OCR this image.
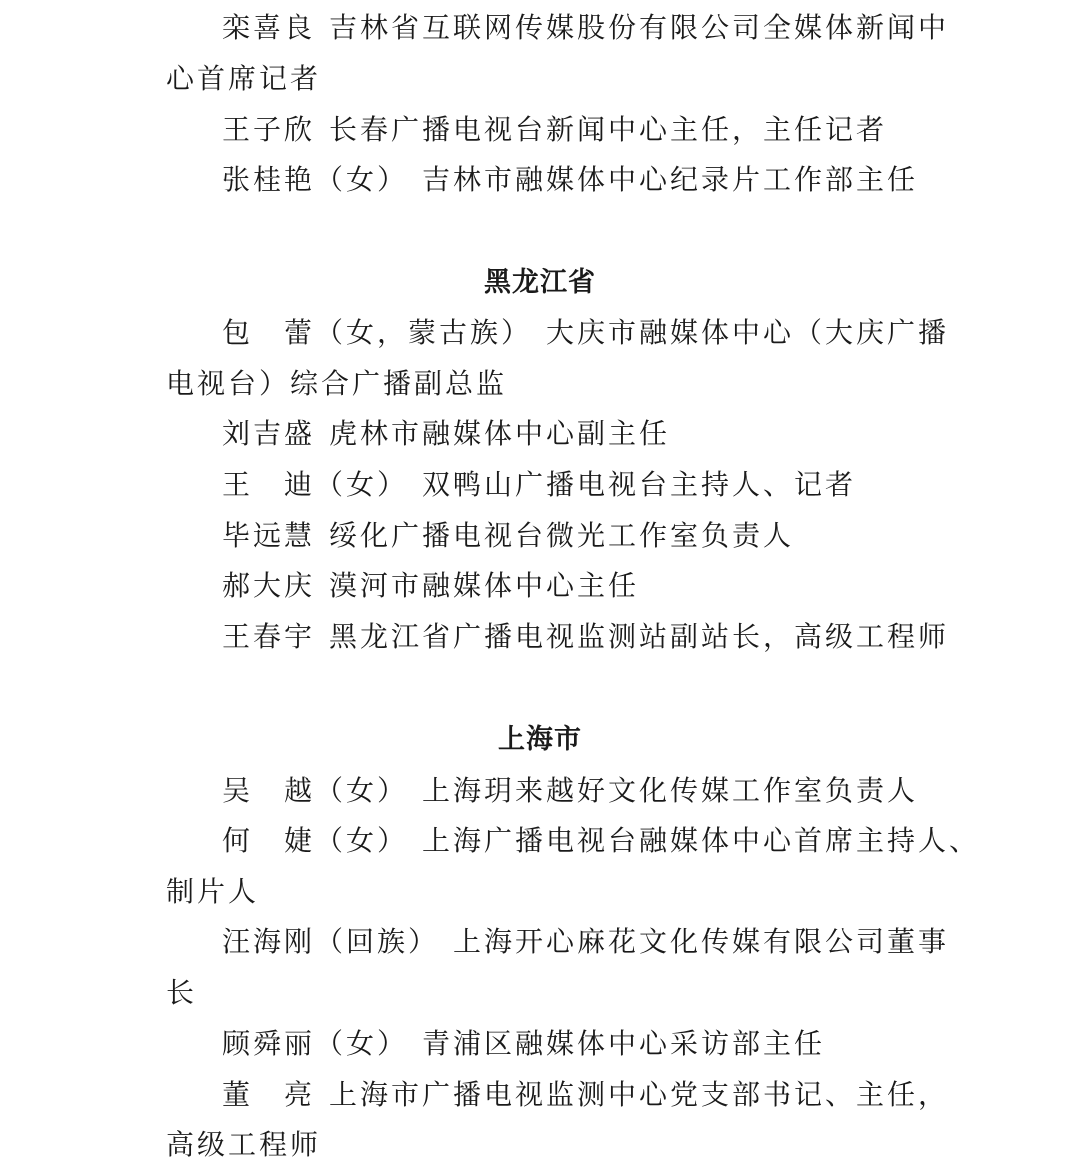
栾喜良 吉林省互联网传媒股份有限公司全媒体新闻中
心首席记者
王子欣 长春广播电视台新闻中心主任，主任记者
张桂艳（女） 吉林市融媒体中心纪录片工作部主任
黑龙江省
包　蕾（女，蒙古族） 大庆市融媒体中心（大庆广播
电视台）综合广播副总监
刘吉盛 虎林市融媒体中心副主任
王　迪（女） 双鸭山广播电视台主持人、记者
毕远慧 绥化广播电视台微光工作室负责人
郝大庆 漠河市融媒体中心主任
王春宇 黑龙江省广播电视监测站副站长，高级工程师
上海市
吴　越（女） 上海玥来越好文化传媒工作室负责人
何　婕（女） 上海广播电视台融媒体中心首席主持人、
制片人
汪海刚（回族） 上海开心麻花文化传媒有限公司董事
长
顾舜丽（女） 青浦区融媒体中心采访部主任
董　亮 上海市广播电视监测中心党支部书记、主任，
高级工程师
